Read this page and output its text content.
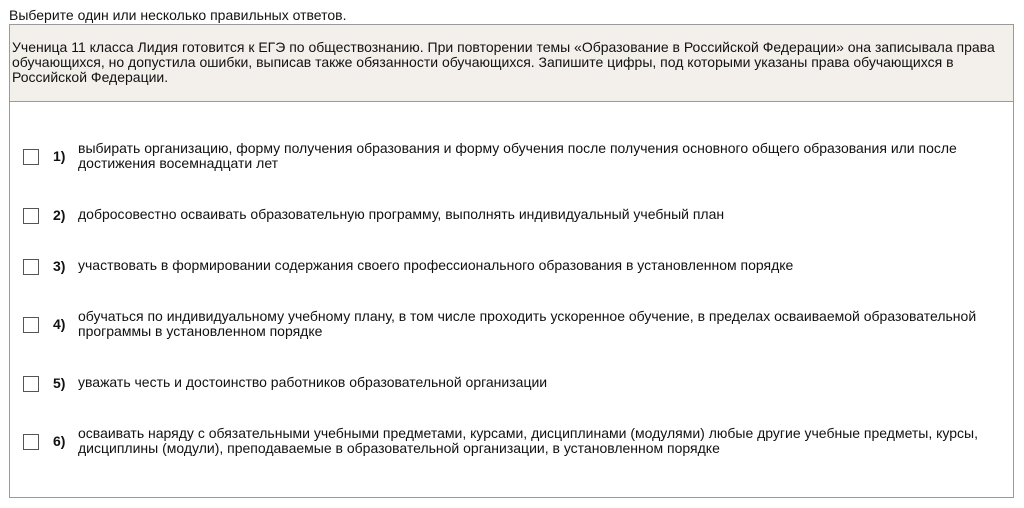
Выберите один или несколько правильных ответов.
Ученица 11 класса Лидия готовится к ЕГЭ по обществознанию. При повторении темы «Образование в Российской Федерации» она записывала права обучающихся, но допустила ошибки, выписав также обязанности обучающихся. Запишите цифры, под которыми указаны права обучающихся в Российской Федерации.
1) выбирать организацию, форму получения образования и форму обучения после получения основного общего образования или после достижения восемнадцати лет
2) добросовестно осваивать образовательную программу, выполнять индивидуальный учебный план
3) участвовать в формировании содержания своего профессионального образования в установленном порядке
4) обучаться по индивидуальному учебному плану, в том числе проходить ускоренное обучение, в пределах осваиваемой образовательной программы в установленном порядке
5) уважать честь и достоинство работников образовательной организации
6) осваивать наряду с обязательными учебными предметами, курсами, дисциплинами (модулями) любые другие учебные предметы, курсы, дисциплины (модули), преподаваемые в образовательной организации, в установленном порядке
